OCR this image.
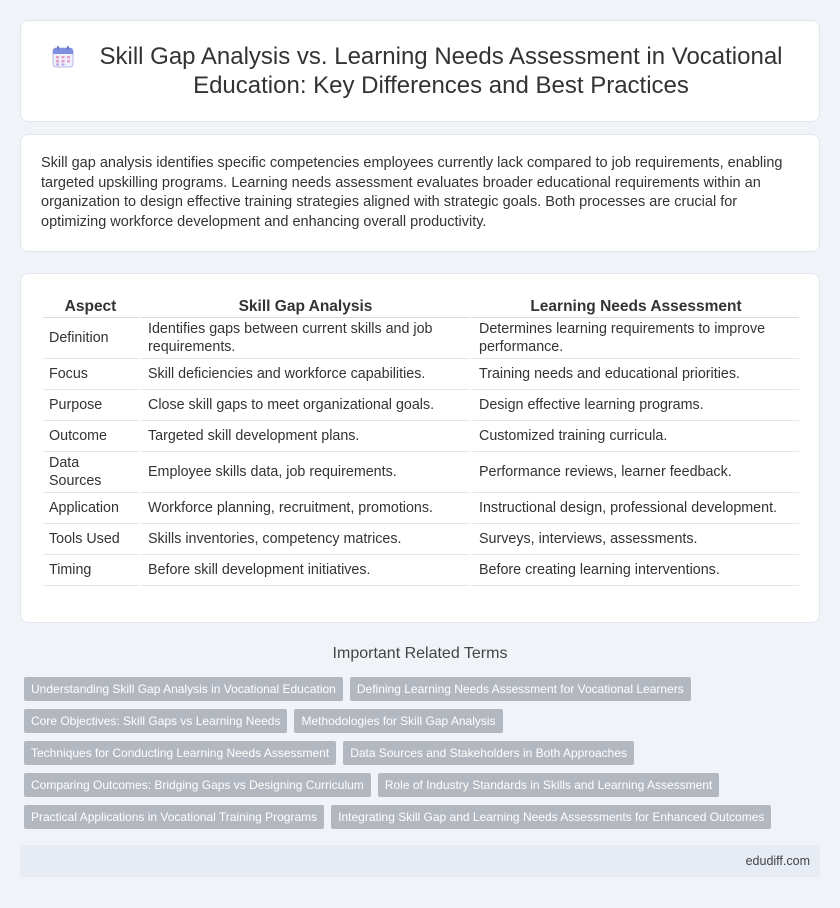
Skill Gap Analysis vs. Learning Needs Assessment in Vocational Education: Key Differences and Best Practices

Skill gap analysis identifies specific competencies employees currently lack compared to job requirements, enabling targeted upskilling programs. Learning needs assessment evaluates broader educational requirements within an organization to design effective training strategies aligned with strategic goals. Both processes are crucial for optimizing workforce development and enhancing overall productivity.

Aspect	Skill Gap Analysis	Learning Needs Assessment
Definition	Identifies gaps between current skills and job requirements.	Determines learning requirements to improve performance.
Focus	Skill deficiencies and workforce capabilities.	Training needs and educational priorities.
Purpose	Close skill gaps to meet organizational goals.	Design effective learning programs.
Outcome	Targeted skill development plans.	Customized training curricula.
Data Sources	Employee skills data, job requirements.	Performance reviews, learner feedback.
Application	Workforce planning, recruitment, promotions.	Instructional design, professional development.
Tools Used	Skills inventories, competency matrices.	Surveys, interviews, assessments.
Timing	Before skill development initiatives.	Before creating learning interventions.
Important Related Terms
Understanding Skill Gap Analysis in Vocational Education	Defining Learning Needs Assessment for Vocational Learners
Core Objectives: Skill Gaps vs Learning Needs	Methodologies for Skill Gap Analysis
Techniques for Conducting Learning Needs Assessment	Data Sources and Stakeholders in Both Approaches
Comparing Outcomes: Bridging Gaps vs Designing Curriculum	Role of Industry Standards in Skills and Learning Assessment
Practical Applications in Vocational Training Programs	Integrating Skill Gap and Learning Needs Assessments for Enhanced Outcomes
edudiff.com
